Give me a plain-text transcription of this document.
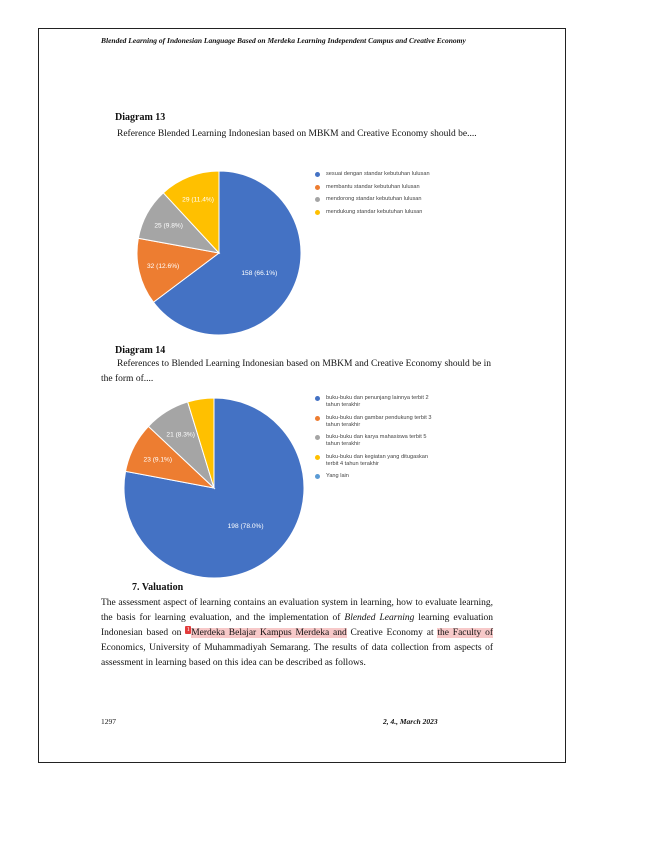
Blended Learning of Indonesian Language Based on Merdeka Learning Independent Campus and Creative Economy
Diagram 13
Reference Blended Learning Indonesian based on MBKM and Creative Economy should be....
158 (66.1%)
32 (12.6%)
25 (9.8%)
29 (11.4%)
sesuai dengan standar kebutuhan lulusan
membantu standar kebutuhan lulusan
mendorong standar kebutuhan lulusan
mendukung standar kebutuhan lulusan
Diagram 14
References to Blended Learning Indonesian based on MBKM and Creative Economy should be in the form of....
198 (78.0%)
23 (9.1%)
21 (8.3%)
buku-buku dan penunjang lainnya terbit 2 tahun terakhir
buku-buku dan gambar pendukung terbit 3 tahun terakhir
buku-buku dan karya mahasiswa terbit 5 tahun terakhir
buku-buku dan kegiatan yang ditugaskan terbit 4 tahun terakhir
Yang lain
7. Valuation
The assessment aspect of learning contains an evaluation system in learning, how to evaluate learning, the basis for learning evaluation, and the implementation of Blended Learning learning evaluation Indonesian based on 1 Merdeka Belajar Kampus Merdeka and Creative Economy at the Faculty of Economics, University of Muhammadiyah Semarang. The results of data collection from aspects of assessment in learning based on this idea can be described as follows.
1297	2, 4., March 2023
